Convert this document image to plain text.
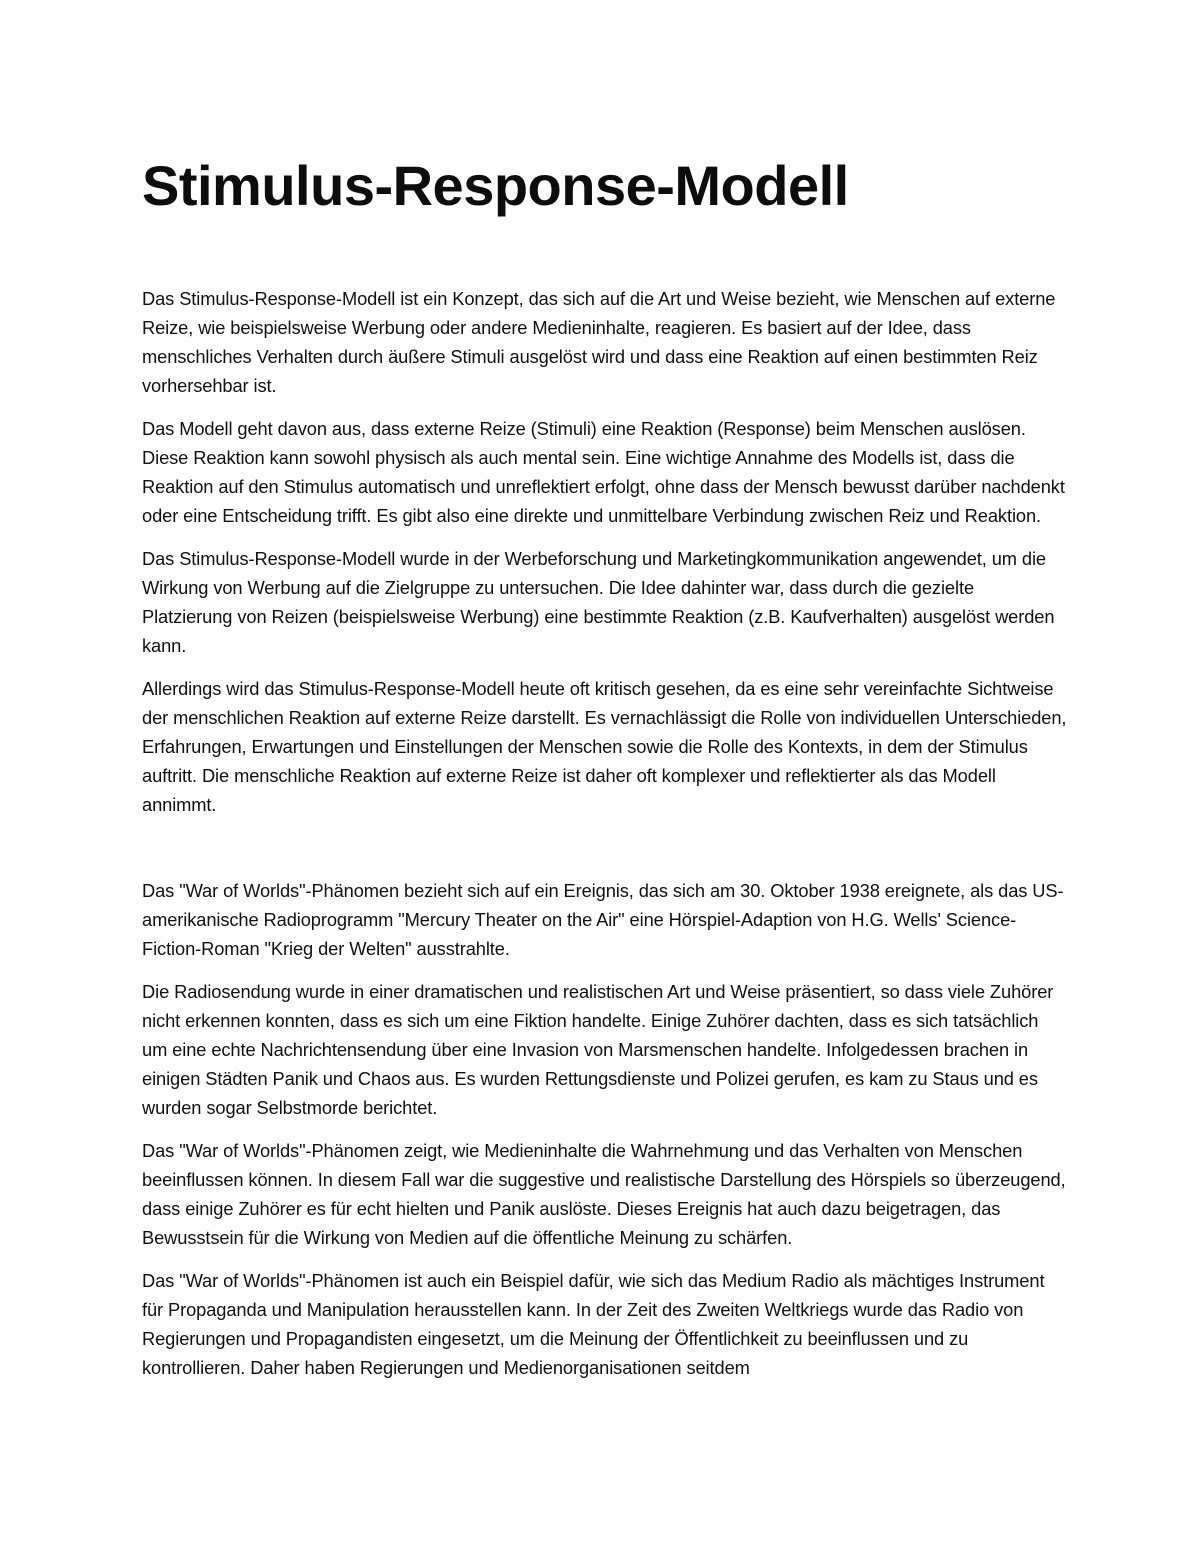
Stimulus-Response-Modell

Das Stimulus-Response-Modell ist ein Konzept, das sich auf die Art und Weise bezieht, wie Menschen auf externe Reize, wie beispielsweise Werbung oder andere Medieninhalte, reagieren. Es basiert auf der Idee, dass menschliches Verhalten durch äußere Stimuli ausgelöst wird und dass eine Reaktion auf einen bestimmten Reiz vorhersehbar ist.

Das Modell geht davon aus, dass externe Reize (Stimuli) eine Reaktion (Response) beim Menschen auslösen. Diese Reaktion kann sowohl physisch als auch mental sein. Eine wichtige Annahme des Modells ist, dass die Reaktion auf den Stimulus automatisch und unreflektiert erfolgt, ohne dass der Mensch bewusst darüber nachdenkt oder eine Entscheidung trifft. Es gibt also eine direkte und unmittelbare Verbindung zwischen Reiz und Reaktion.

Das Stimulus-Response-Modell wurde in der Werbeforschung und Marketingkommunikation angewendet, um die Wirkung von Werbung auf die Zielgruppe zu untersuchen. Die Idee dahinter war, dass durch die gezielte Platzierung von Reizen (beispielsweise Werbung) eine bestimmte Reaktion (z.B. Kaufverhalten) ausgelöst werden kann.

Allerdings wird das Stimulus-Response-Modell heute oft kritisch gesehen, da es eine sehr vereinfachte Sichtweise der menschlichen Reaktion auf externe Reize darstellt. Es vernachlässigt die Rolle von individuellen Unterschieden, Erfahrungen, Erwartungen und Einstellungen der Menschen sowie die Rolle des Kontexts, in dem der Stimulus auftritt. Die menschliche Reaktion auf externe Reize ist daher oft komplexer und reflektierter als das Modell annimmt.

Das "War of Worlds"-Phänomen bezieht sich auf ein Ereignis, das sich am 30. Oktober 1938 ereignete, als das US-amerikanische Radioprogramm "Mercury Theater on the Air" eine Hörspiel-Adaption von H.G. Wells' Science-Fiction-Roman "Krieg der Welten" ausstrahlte.

Die Radiosendung wurde in einer dramatischen und realistischen Art und Weise präsentiert, so dass viele Zuhörer nicht erkennen konnten, dass es sich um eine Fiktion handelte. Einige Zuhörer dachten, dass es sich tatsächlich um eine echte Nachrichtensendung über eine Invasion von Marsmenschen handelte. Infolgedessen brachen in einigen Städten Panik und Chaos aus. Es wurden Rettungsdienste und Polizei gerufen, es kam zu Staus und es wurden sogar Selbstmorde berichtet.

Das "War of Worlds"-Phänomen zeigt, wie Medieninhalte die Wahrnehmung und das Verhalten von Menschen beeinflussen können. In diesem Fall war die suggestive und realistische Darstellung des Hörspiels so überzeugend, dass einige Zuhörer es für echt hielten und Panik auslöste. Dieses Ereignis hat auch dazu beigetragen, das Bewusstsein für die Wirkung von Medien auf die öffentliche Meinung zu schärfen.

Das "War of Worlds"-Phänomen ist auch ein Beispiel dafür, wie sich das Medium Radio als mächtiges Instrument für Propaganda und Manipulation herausstellen kann. In der Zeit des Zweiten Weltkriegs wurde das Radio von Regierungen und Propagandisten eingesetzt, um die Meinung der Öffentlichkeit zu beeinflussen und zu kontrollieren. Daher haben Regierungen und Medienorganisationen seitdem
